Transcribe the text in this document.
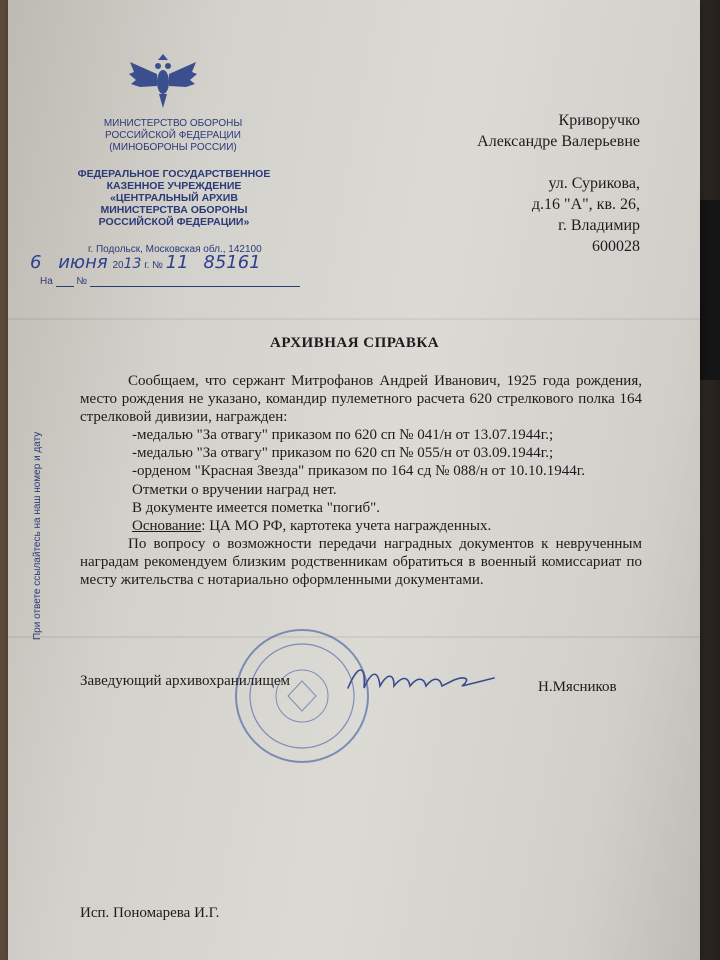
МИНИСТЕРСТВО ОБОРОНЫ
РОССИЙСКОЙ ФЕДЕРАЦИИ
(МИНОБОРОНЫ РОССИИ)
ФЕДЕРАЛЬНОЕ ГОСУДАРСТВЕННОЕ
КАЗЕННОЕ УЧРЕЖДЕНИЕ
«ЦЕНТРАЛЬНЫЙ АРХИВ
МИНИСТЕРСТВА ОБОРОНЫ
РОССИЙСКОЙ ФЕДЕРАЦИИ»
г. Подольск, Московская обл., 142100
6 июня 2013 г. № 11 85161
На №
Криворучко
Александре Валерьевне
ул. Сурикова,
д.16 "А", кв. 26,
г. Владимир
600028
АРХИВНАЯ СПРАВКА

Сообщаем, что сержант Митрофанов Андрей Иванович, 1925 года рождения, место рождения не указано, командир пулеметного расчета 620 стрелкового полка 164 стрелковой дивизии, награжден:

-медалью "За отвагу" приказом по 620 сп № 041/н от 13.07.1944г.;

-медалью "За отвагу" приказом по 620 сп № 055/н от 03.09.1944г.;

-орденом "Красная Звезда" приказом по 164 сд № 088/н от 10.10.1944г.

Отметки о вручении наград нет.

В документе имеется пометка "погиб".

Основание: ЦА МО РФ, картотека учета награжденных.

По вопросу о возможности передачи наградных документов к неврученным наградам рекомендуем близким родственникам обратиться в военный комиссариат по месту жительства с нотариально оформленными документами.

При ответе ссылайтесь на наш номер и дату
Заведующий архивохранилищем	Н.Мясников
Исп. Пономарева И.Г.
